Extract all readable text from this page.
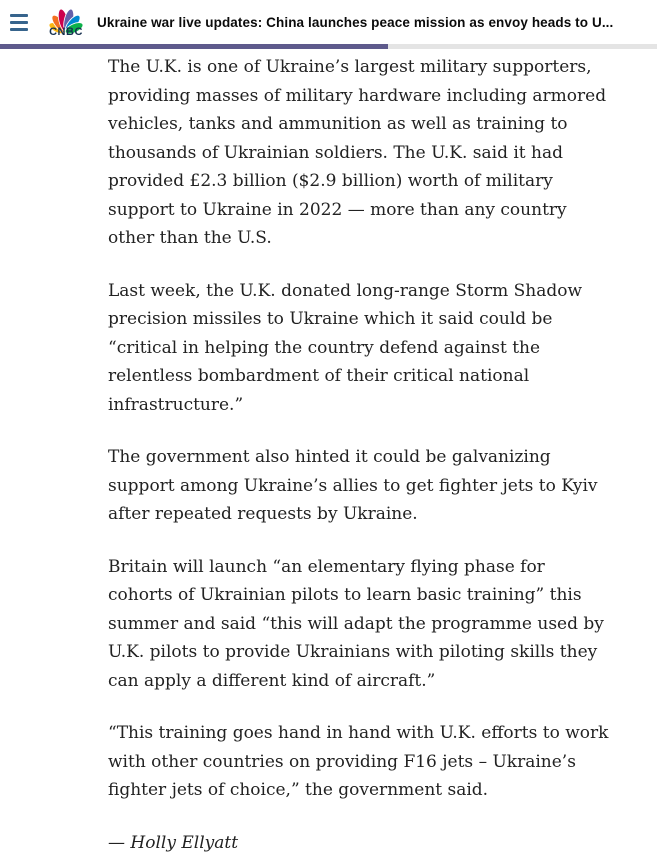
CNBC
Ukraine war live updates: China launches peace mission as envoy heads to U...

The U.K. is one of Ukraine’s largest military supporters, providing masses of military hardware including armored vehicles, tanks and ammunition as well as training to thousands of Ukrainian soldiers. The U.K. said it had provided £2.3 billion ($2.9 billion) worth of military support to Ukraine in 2022 — more than any country other than the U.S.

Last week, the U.K. donated long-range Storm Shadow precision missiles to Ukraine which it said could be “critical in helping the country defend against the relentless bombardment of their critical national infrastructure.”

The government also hinted it could be galvanizing support among Ukraine’s allies to get fighter jets to Kyiv after repeated requests by Ukraine.

Britain will launch “an elementary flying phase for cohorts of Ukrainian pilots to learn basic training” this summer and said “this will adapt the programme used by U.K. pilots to provide Ukrainians with piloting skills they can apply a different kind of aircraft.”

“This training goes hand in hand with U.K. efforts to work with other countries on providing F16 jets – Ukraine’s fighter jets of choice,” the government said.

— Holly Ellyatt
